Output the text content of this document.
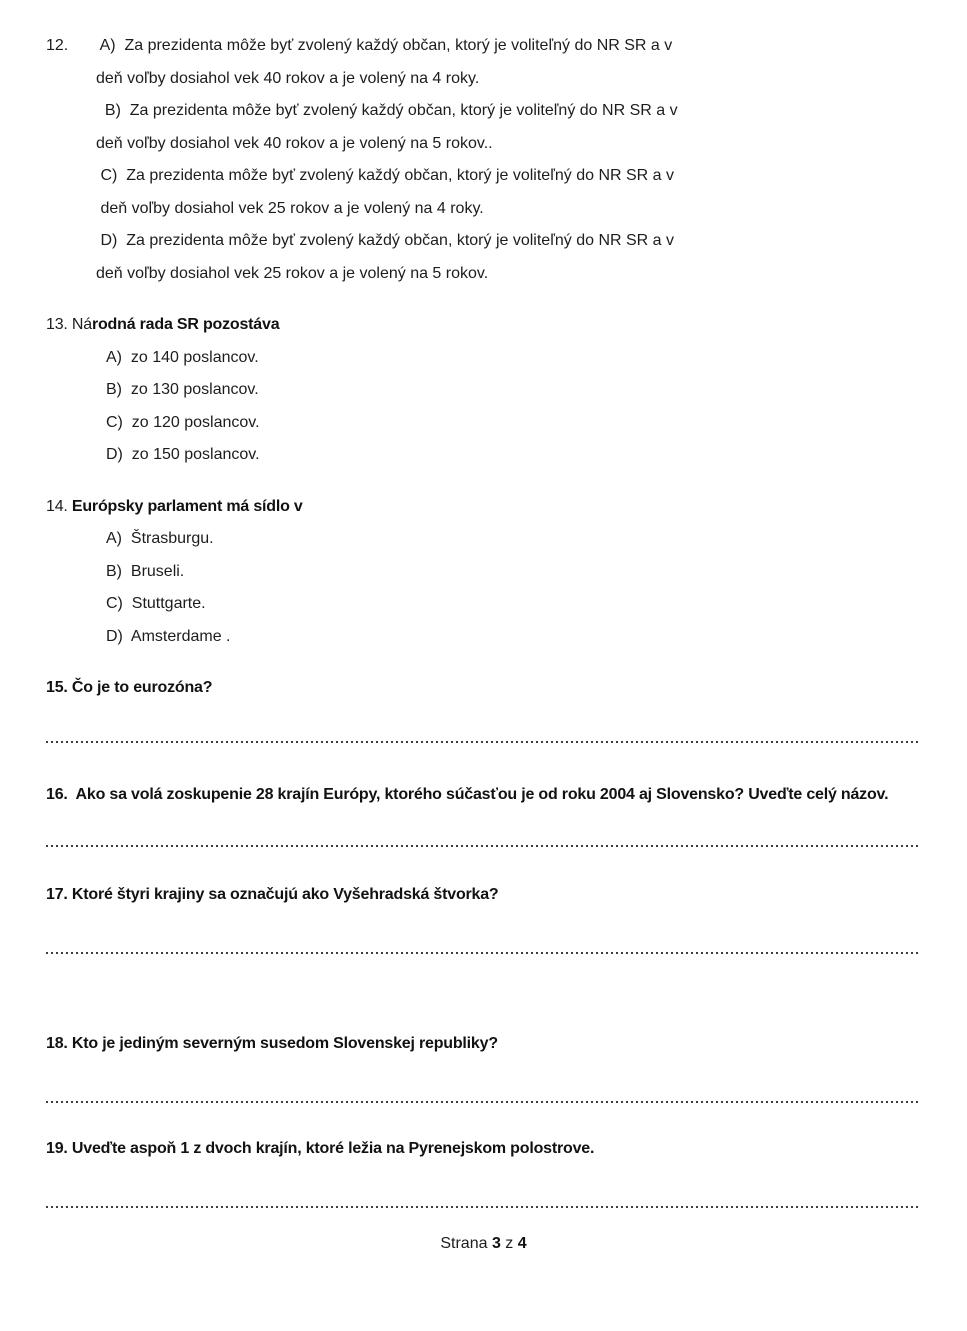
12. A)  Za prezidenta môže byť zvolený každý občan, ktorý je voliteľný do NR SR a v
deň voľby dosiahol vek 40 rokov a je volený na 4 roky.
B)  Za prezidenta môže byť zvolený každý občan, ktorý je voliteľný do NR SR a v
deň voľby dosiahol vek 40 rokov a je volený na 5 rokov..
C)  Za prezidenta môže byť zvolený každý občan, ktorý je voliteľný do NR SR a v
deň voľby dosiahol vek 25 rokov a je volený na 4 roky.
D)  Za prezidenta môže byť zvolený každý občan, ktorý je voliteľný do NR SR a v
deň voľby dosiahol vek 25 rokov a je volený na 5 rokov.
13. Národná rada SR pozostáva
A)  zo 140 poslancov.
B)  zo 130 poslancov.
C)  zo 120 poslancov.
D)  zo 150 poslancov.
14. Európsky parlament má sídlo v
A)  Štrasburgu.
B)  Bruseli.
C)  Stuttgarte.
D)  Amsterdame .
15. Čo je to eurozóna?
16.  Ako sa volá zoskupenie 28 krajín Európy, ktorého súčasťou je od roku 2004 aj Slovensko? Uveďte celý názov.
17. Ktoré štyri krajiny sa označujú ako Vyšehradská štvorka?
18. Kto je jediným severným susedom Slovenskej republiky?
19. Uveďte aspoň 1 z dvoch krajín, ktoré ležia na Pyrenejskom polostrove.
Strana 3 z 4
